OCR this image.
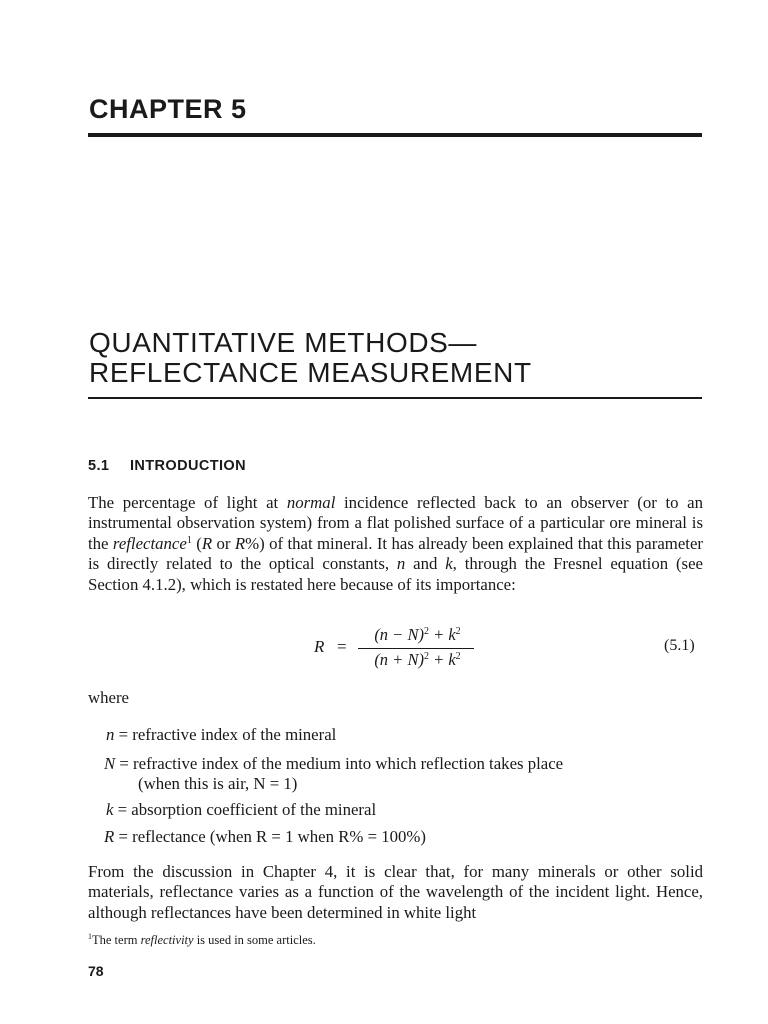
CHAPTER 5
QUANTITATIVE METHODS—
REFLECTANCE MEASUREMENT
5.1 INTRODUCTION
The percentage of light at normal incidence reflected back to an observer (or to an instrumental observation system) from a flat polished surface of a particular ore mineral is the reflectance$^1$ (R or R%) of that mineral. It has already been explained that this parameter is directly related to the optical constants, n and k, through the Fresnel equation (see Section 4.1.2), which is restated here because of its importance:
R =
$(n - N)^2 + k^2$
$(n + N)^2 + k^2$
(5.1)
where
n = refractive index of the mineral
N = refractive index of the medium into which reflection takes place
(when this is air, N = 1)
k = absorption coefficient of the mineral
R = reflectance (when R = 1 when R% = 100%)
From the discussion in Chapter 4, it is clear that, for many minerals or other solid materials, reflectance varies as a function of the wavelength of the incident light. Hence, although reflectances have been determined in white light
$^1$The term reflectivity is used in some articles.
78
